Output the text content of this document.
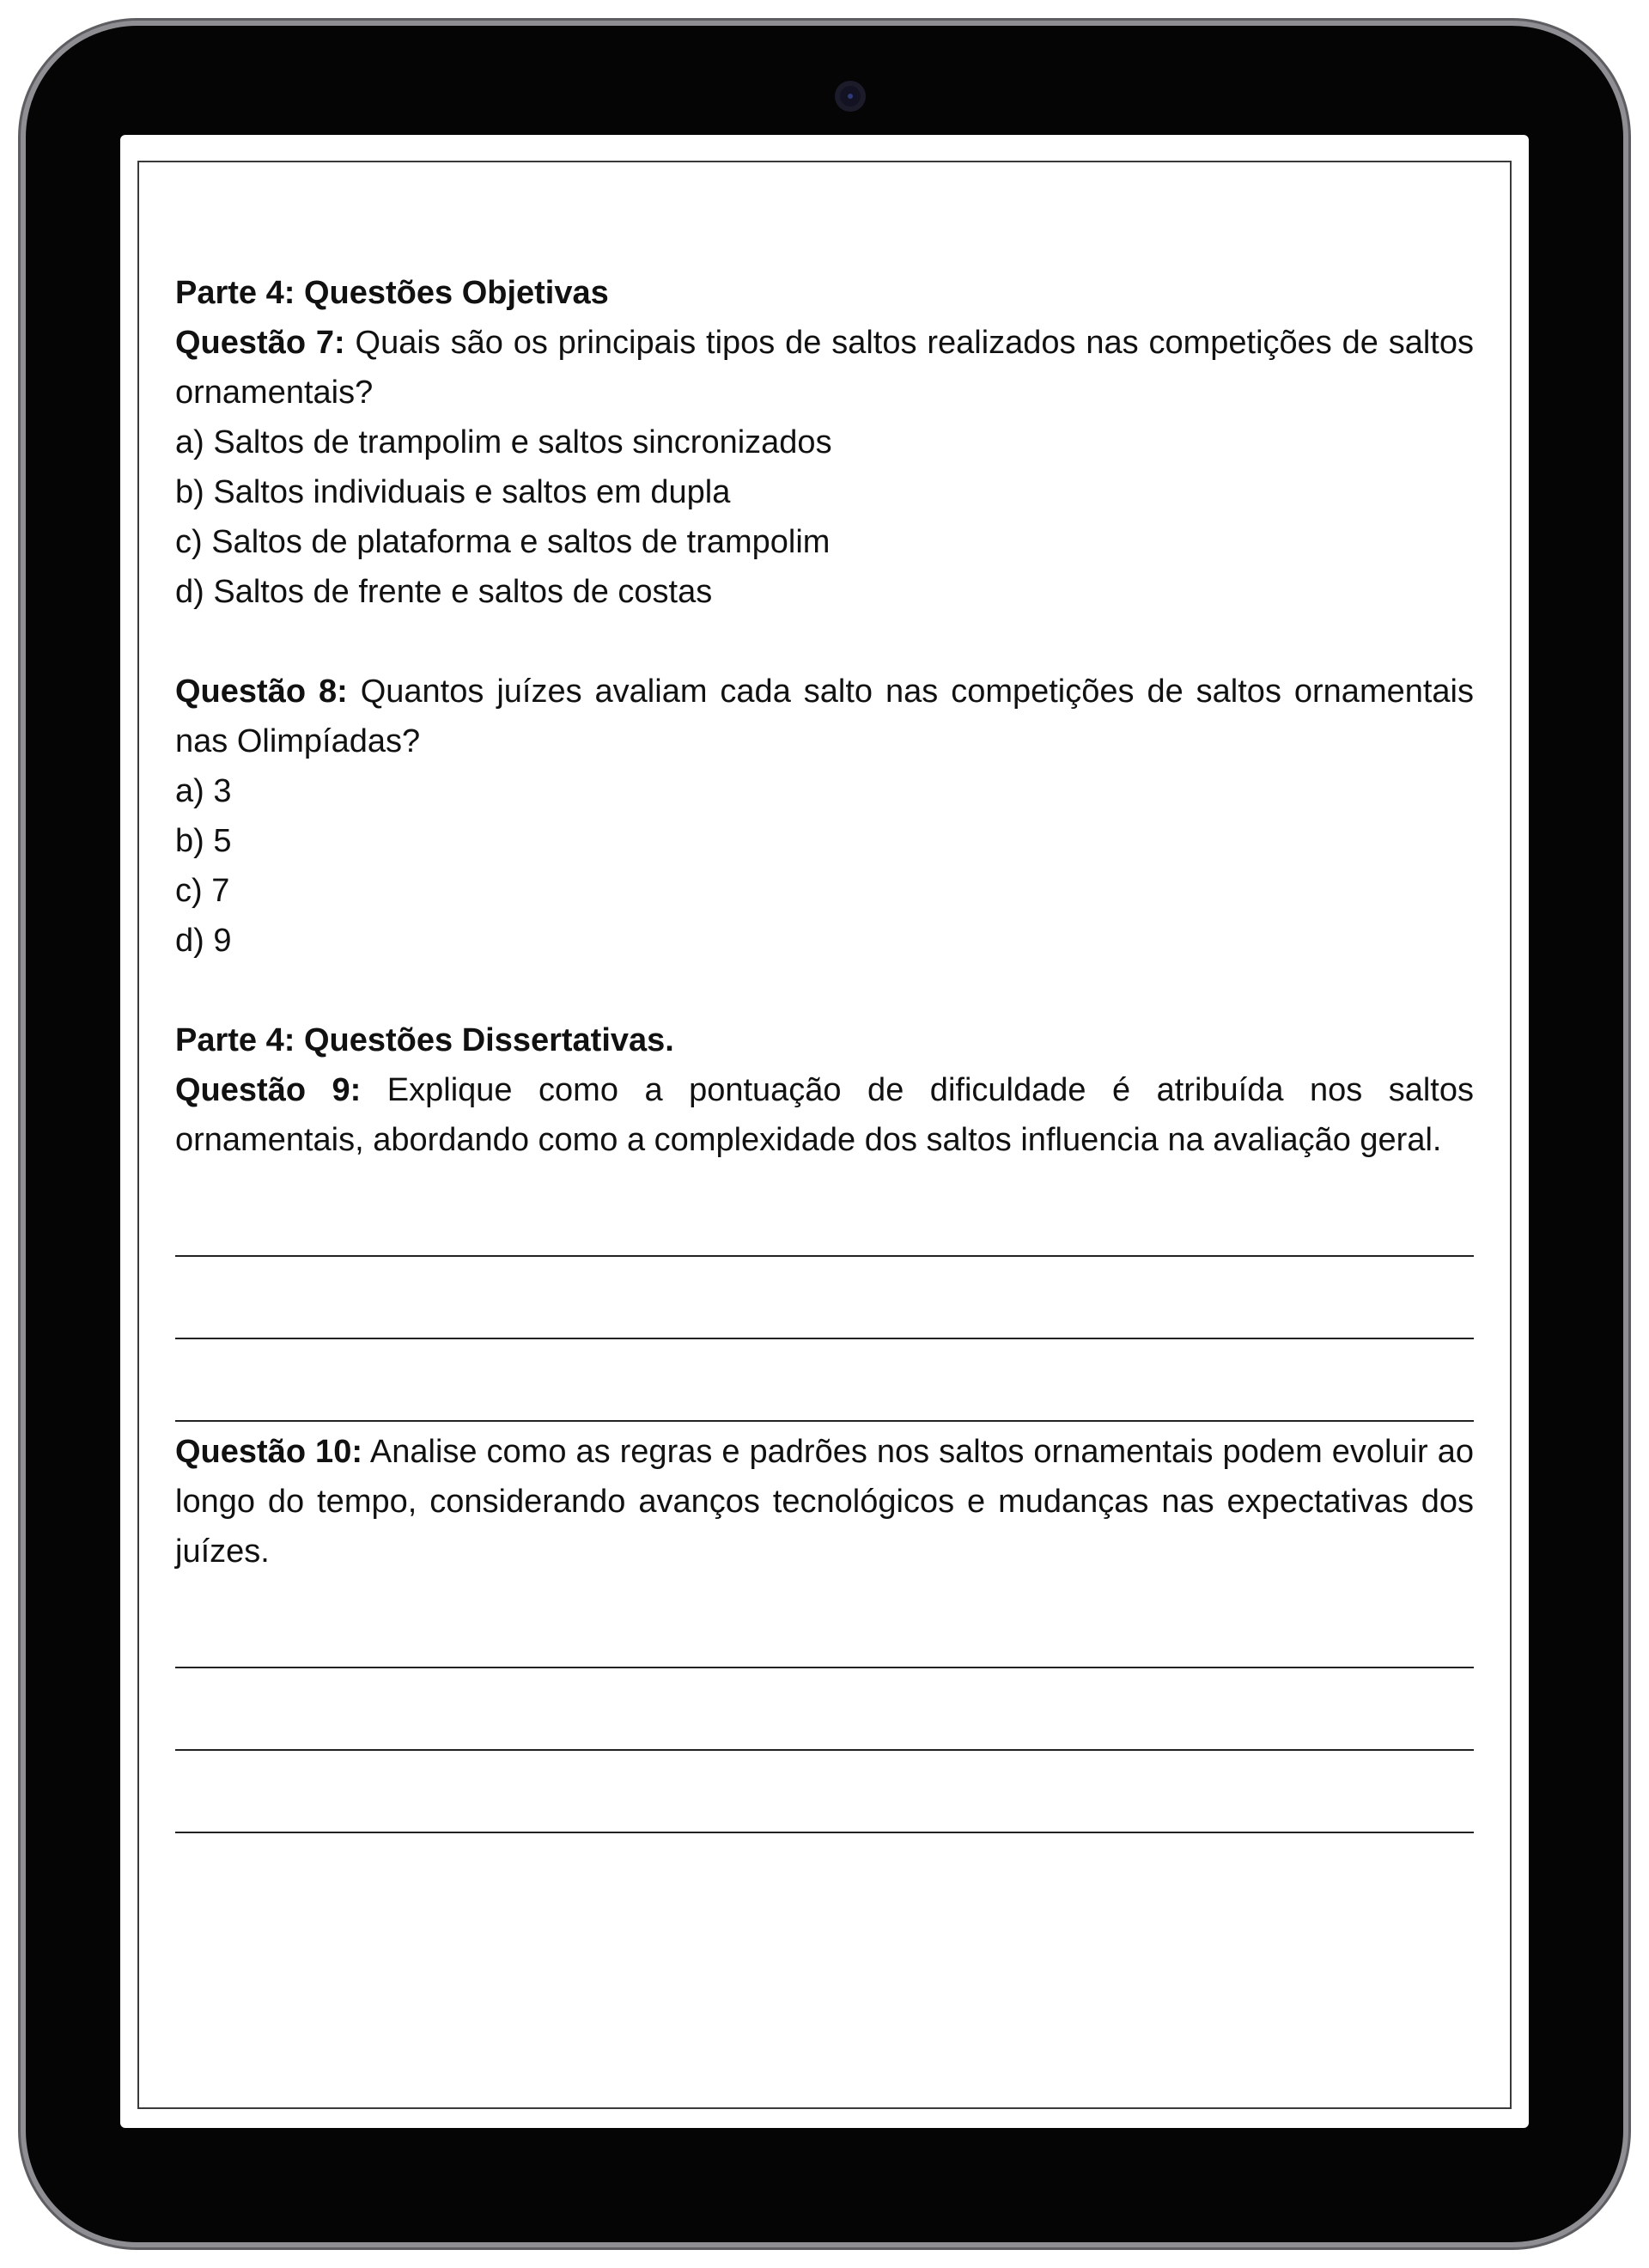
Parte 4: Questões Objetivas

Questão 7: Quais são os principais tipos de saltos realizados nas competições de saltos ornamentais?

a) Saltos de trampolim e saltos sincronizados

b) Saltos individuais e saltos em dupla

c) Saltos de plataforma e saltos de trampolim

d) Saltos de frente e saltos de costas

Questão 8: Quantos juízes avaliam cada salto nas competições de saltos ornamentais nas Olimpíadas?

a) 3

b) 5

c) 7

d) 9

Parte 4: Questões Dissertativas.

Questão 9: Explique como a pontuação de dificuldade é atribuída nos saltos ornamentais, abordando como a complexidade dos saltos influencia na avaliação geral.

Questão 10: Analise como as regras e padrões nos saltos ornamentais podem evoluir ao longo do tempo, considerando avanços tecnológicos e mudanças nas expectativas dos juízes.
